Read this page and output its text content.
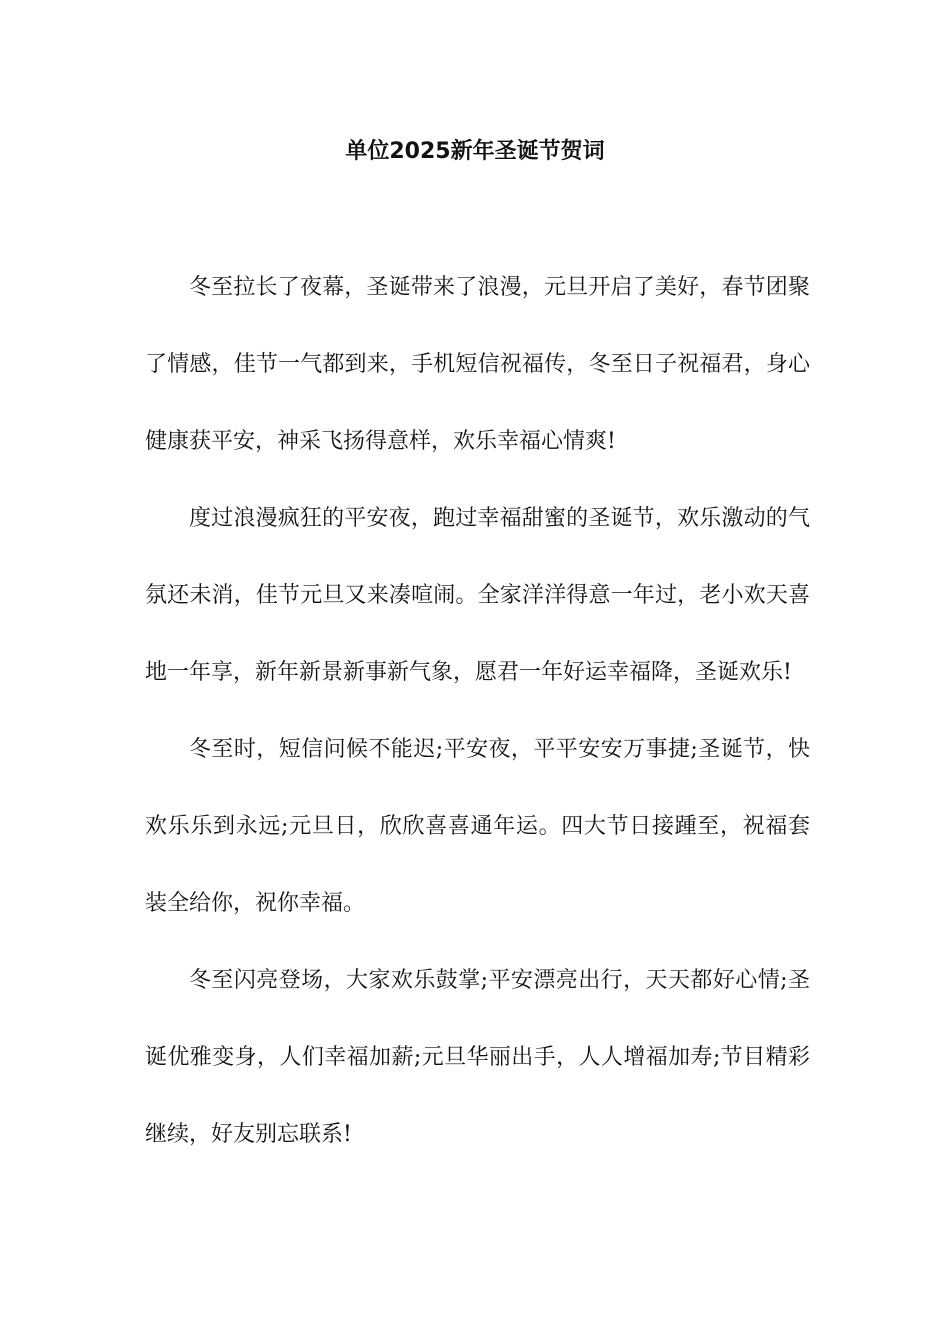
单位2025新年圣诞节贺词

冬至拉长了夜幕，圣诞带来了浪漫，元旦开启了美好，春节团聚了情感，佳节一气都到来，手机短信祝福传，冬至日子祝福君，身心健康获平安，神采飞扬得意样，欢乐幸福心情爽!

度过浪漫疯狂的平安夜，跑过幸福甜蜜的圣诞节，欢乐激动的气氛还未消，佳节元旦又来凑喧闹。全家洋洋得意一年过，老小欢天喜地一年享，新年新景新事新气象，愿君一年好运幸福降，圣诞欢乐!

冬至时，短信问候不能迟;平安夜，平平安安万事捷;圣诞节，快欢乐乐到永远;元旦日，欣欣喜喜通年运。四大节日接踵至，祝福套装全给你，祝你幸福。

冬至闪亮登场，大家欢乐鼓掌;平安漂亮出行，天天都好心情;圣诞优雅变身，人们幸福加薪;元旦华丽出手，人人增福加寿;节目精彩继续，好友别忘联系!
